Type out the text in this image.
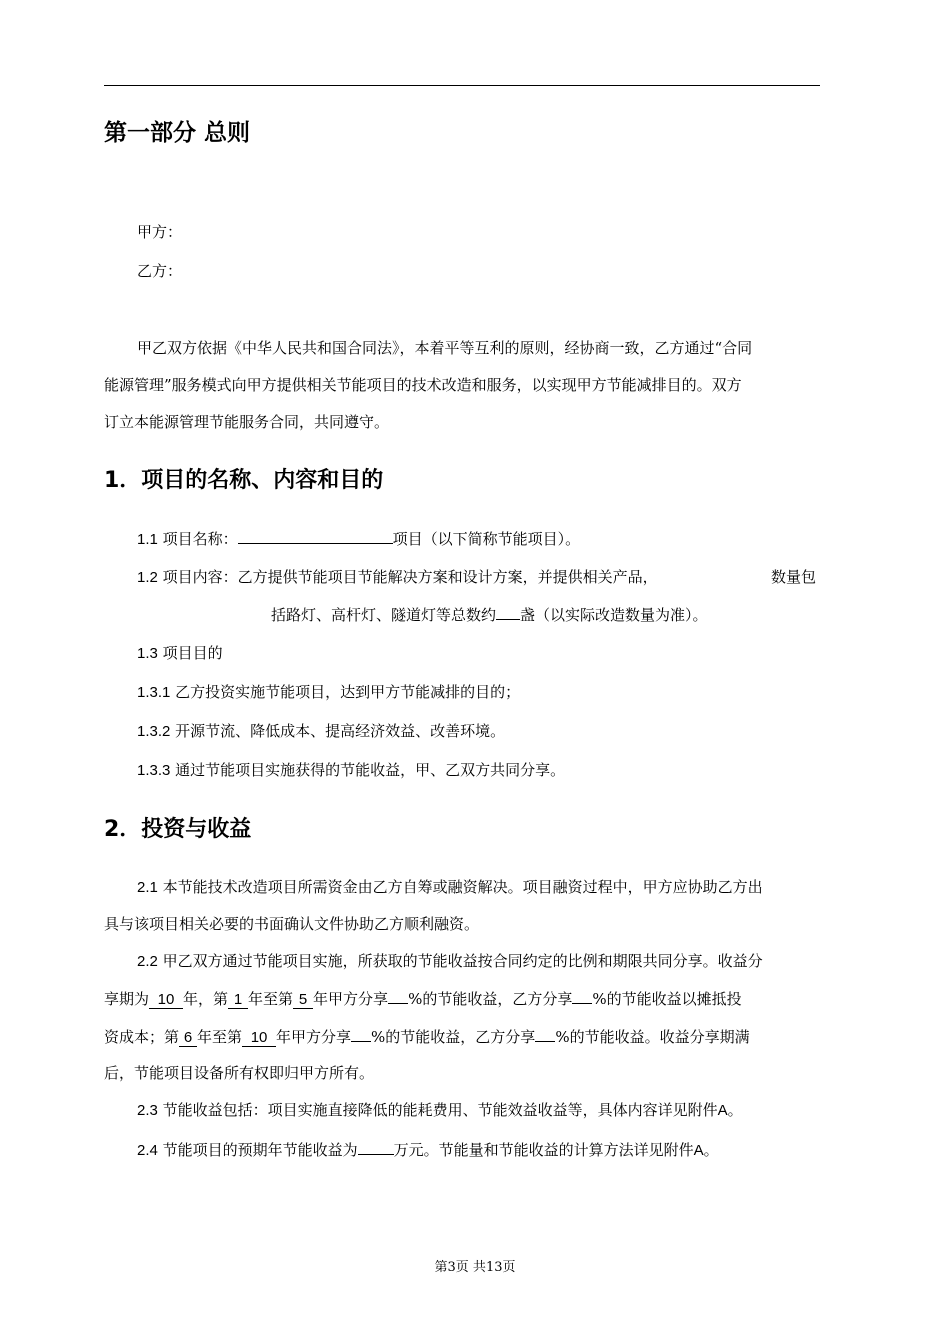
第一部分 总则
甲方：
乙方：
甲乙双方依据《中华人民共和国合同法》，本着平等互利的原则，经协商一致，乙方通过“合同
能源管理”服务模式向甲方提供相关节能项目的技术改造和服务，以实现甲方节能减排目的。双方
订立本能源管理节能服务合同，共同遵守。
1．项目的名称、内容和目的
1.1 项目名称：	项目（以下简称节能项目）。
1.2 项目内容：乙方提供节能项目节能解决方案和设计方案，并提供相关产品，	数量包
括路灯、高杆灯、隧道灯等总数约 盏（以实际改造数量为准）。
1.3 项目目的
1.3.1 乙方投资实施节能项目，达到甲方节能减排的目的；
1.3.2 开源节流、降低成本、提高经济效益、改善环境。
1.3.3 通过节能项目实施获得的节能收益，甲、乙双方共同分享。
2．投资与收益
2.1 本节能技术改造项目所需资金由乙方自筹或融资解决。项目融资过程中，甲方应协助乙方出
具与该项目相关必要的书面确认文件协助乙方顺利融资。
2.2 甲乙双方通过节能项目实施，所获取的节能收益按合同约定的比例和期限共同分享。收益分
享期为 10 年，第 1 年至第 5 年甲方分享 %的节能收益，乙方分享 %的节能收益以摊抵投
资成本；第 6 年至第 10 年甲方分享 %的节能收益，乙方分享 %的节能收益。收益分享期满
后，节能项目设备所有权即归甲方所有。
2.3 节能收益包括：项目实施直接降低的能耗费用、节能效益收益等，具体内容详见附件A。
2.4 节能项目的预期年节能收益为 万元。节能量和节能收益的计算方法详见附件A。
第3页 共13页
